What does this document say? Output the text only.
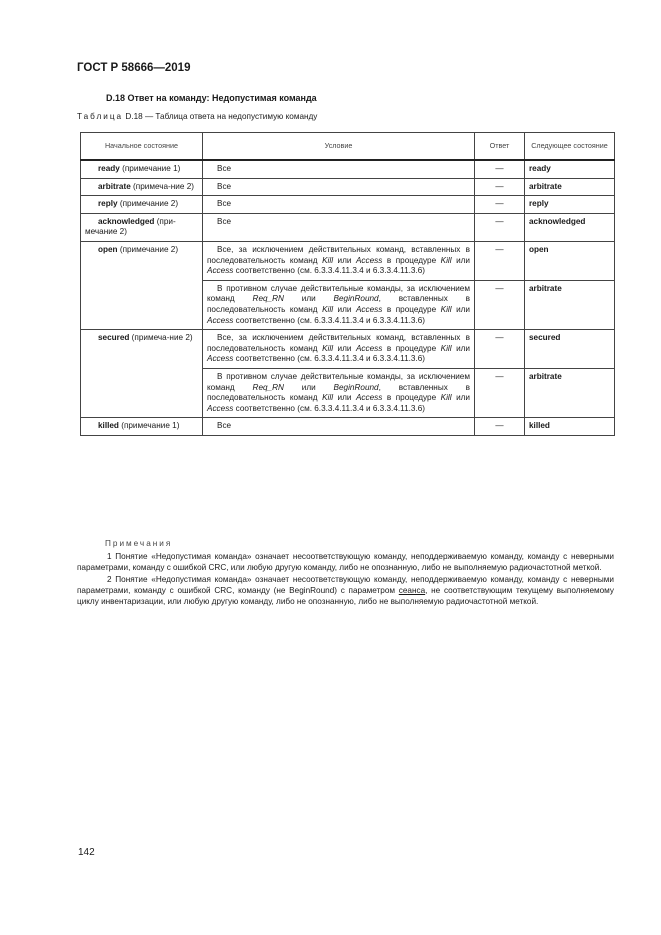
ГОСТ Р 58666—2019
D.18 Ответ на команду: Недопустимая команда
Таблица D.18 — Таблица ответа на недопустимую команду
Начальное состояние	Условие	Ответ	Следующее состояние
ready (примечание 1)	Все	—	ready
arbitrate (примеча-ние 2)	Все	—	arbitrate
reply (примечание 2)	Все	—	reply
acknowledged (при-мечание 2)	Все	—	acknowledged
open (примечание 2)	Все, за исключением действительных команд, вставленных в последовательность команд Kill или Access в процедуре Kill или Access соответственно (см. 6.3.3.4.11.3.4 и 6.3.3.4.11.3.6)	—	open
	В противном случае действительные команды, за исключением команд Req_RN или BeginRound, вставленных в последовательность команд Kill или Access в процедуре Kill или Access соответственно (см. 6.3.3.4.11.3.4 и 6.3.3.4.11.3.6)	—	arbitrate
secured (примеча-ние 2)	Все, за исключением действительных команд, вставленных в последовательность команд Kill или Access в процедуре Kill или Access соответственно (см. 6.3.3.4.11.3.4 и 6.3.3.4.11.3.6)	—	secured
	В противном случае действительные команды, за исключением команд Req_RN или BeginRound, вставленных в последовательность команд Kill или Access в процедуре Kill или Access соответственно (см. 6.3.3.4.11.3.4 и 6.3.3.4.11.3.6)	—	arbitrate
killed (примечание 1)	Все	—	killed
Примечания

1 Понятие «Недопустимая команда» означает несоответствующую команду, неподдерживаемую команду, команду с неверными параметрами, команду с ошибкой CRC, или любую другую команду, либо не опознанную, либо не выполняемую радиочастотной меткой.

2 Понятие «Недопустимая команда» означает несоответствующую команду, неподдерживаемую команду, команду с неверными параметрами, команду с ошибкой CRC, команду (не BeginRound) с параметром сеанса, не соответствующим текущему выполняемому циклу инвентаризации, или любую другую команду, либо не опознанную, либо не выполняемую радиочастотной меткой.

142
